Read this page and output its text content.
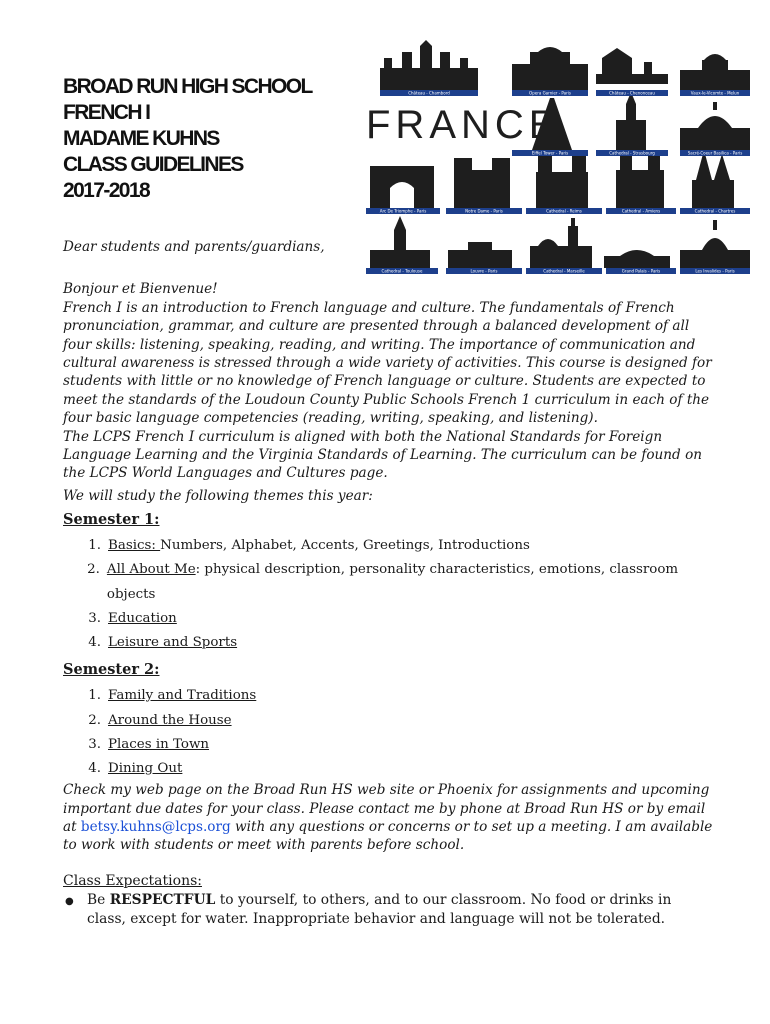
BROAD RUN HIGH SCHOOL
FRENCH I
MADAME KUHNS
CLASS GUIDELINES
2017-2018
FRANCE
Château - Chambord	Opera Garnier - Paris	Château - Chenonceau	Vaux-le-Vicomte - Melun
Eiffel Tower - Paris	Cathedral - Strasbourg	Sacré-Coeur Basilica - Paris
Arc De Triomphe - Paris	Notre Dame - Paris	Cathedral - Reims	Cathedral - Amiens	Cathedral - Chartres
Cathedral - Toulouse	Louvre - Paris	Cathedral - Marseille	Grand Palais - Paris	Les Invalides - Paris

Dear students and parents/guardians,

Bonjour et Bienvenue!

French I is an introduction to French language and culture. The fundamentals of French pronunciation, grammar, and culture are presented through a balanced development of all four skills: listening, speaking, reading, and writing. The importance of communication and cultural awareness is stressed through a wide variety of activities. This course is designed for students with little or no knowledge of French language or culture. Students are expected to meet the standards of the Loudoun County Public Schools French 1 curriculum in each of the four basic language competencies (reading, writing, speaking, and listening).

The LCPS French I curriculum is aligned with both the National Standards for Foreign Language Learning and the Virginia Standards of Learning. The curriculum can be found on the LCPS World Languages and Cultures page.

We will study the following themes this year:

Semester 1:
1. Basics: Numbers, Alphabet, Accents, Greetings, Introductions
2. All About Me: physical description, personality characteristics, emotions, classroom objects
3. Education
4. Leisure and Sports
Semester 2:
1. Family and Traditions
2. Around the House
3. Places in Town
4. Dining Out

Check my web page on the Broad Run HS web site or Phoenix for assignments and upcoming important due dates for your class. Please contact me by phone at Broad Run HS or by email at betsy.kuhns@lcps.org with any questions or concerns or to set up a meeting. I am available to work with students or meet with parents before school.

Class Expectations:

● Be RESPECTFUL to yourself, to others, and to our classroom. No food or drinks in class, except for water. Inappropriate behavior and language will not be tolerated.
